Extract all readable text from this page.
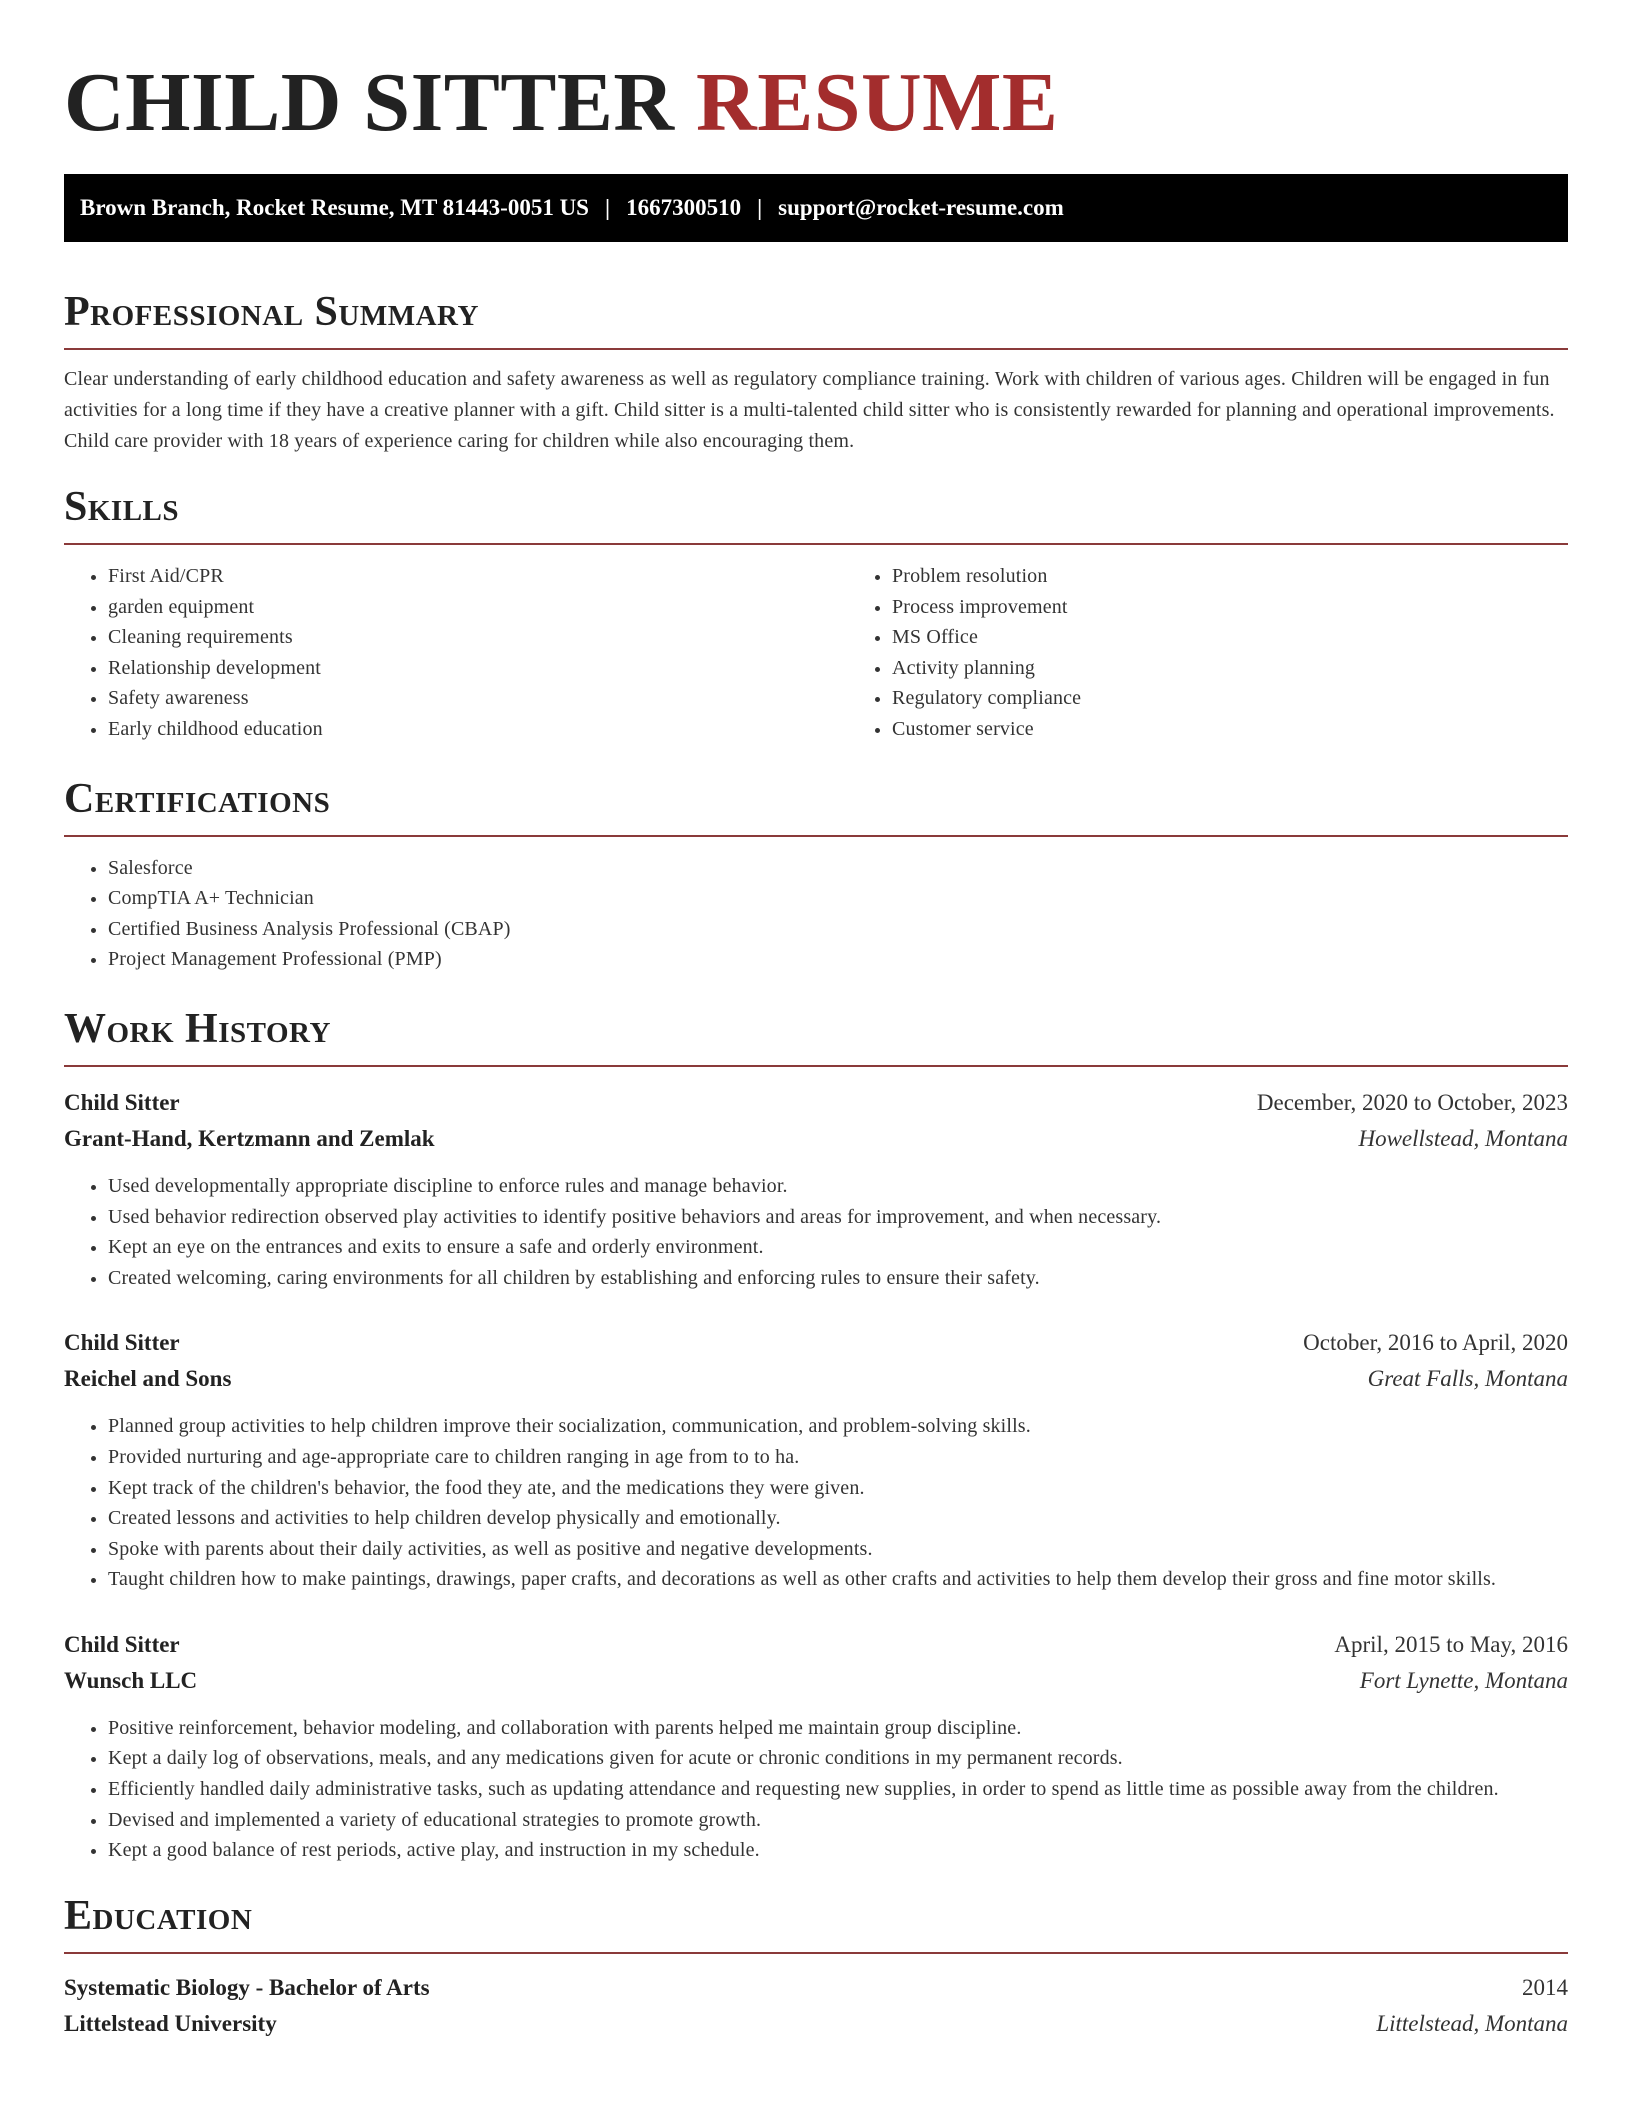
CHILD SITTER RESUME
Brown Branch, Rocket Resume, MT 81443-0051 US | 1667300510 | support@rocket-resume.com
Professional Summary

Clear understanding of early childhood education and safety awareness as well as regulatory compliance training. Work with children of various ages. Children will be engaged in fun activities for a long time if they have a creative planner with a gift. Child sitter is a multi-talented child sitter who is consistently rewarded for planning and operational improvements. Child care provider with 18 years of experience caring for children while also encouraging them.

Skills
• First Aid/CPR
• garden equipment
• Cleaning requirements
• Relationship development
• Safety awareness
• Early childhood education
• Problem resolution
• Process improvement
• MS Office
• Activity planning
• Regulatory compliance
• Customer service
Certifications
• Salesforce
• CompTIA A+ Technician
• Certified Business Analysis Professional (CBAP)
• Project Management Professional (PMP)
Work History
Child Sitter	December, 2020 to October, 2023
Grant-Hand, Kertzmann and Zemlak	Howellstead, Montana
• Used developmentally appropriate discipline to enforce rules and manage behavior.
• Used behavior redirection observed play activities to identify positive behaviors and areas for improvement, and when necessary.
• Kept an eye on the entrances and exits to ensure a safe and orderly environment.
• Created welcoming, caring environments for all children by establishing and enforcing rules to ensure their safety.
Child Sitter	October, 2016 to April, 2020
Reichel and Sons	Great Falls, Montana
• Planned group activities to help children improve their socialization, communication, and problem-solving skills.
• Provided nurturing and age-appropriate care to children ranging in age from to to ha.
• Kept track of the children's behavior, the food they ate, and the medications they were given.
• Created lessons and activities to help children develop physically and emotionally.
• Spoke with parents about their daily activities, as well as positive and negative developments.
• Taught children how to make paintings, drawings, paper crafts, and decorations as well as other crafts and activities to help them develop their gross and fine motor skills.
Child Sitter	April, 2015 to May, 2016
Wunsch LLC	Fort Lynette, Montana
• Positive reinforcement, behavior modeling, and collaboration with parents helped me maintain group discipline.
• Kept a daily log of observations, meals, and any medications given for acute or chronic conditions in my permanent records.
• Efficiently handled daily administrative tasks, such as updating attendance and requesting new supplies, in order to spend as little time as possible away from the children.
• Devised and implemented a variety of educational strategies to promote growth.
• Kept a good balance of rest periods, active play, and instruction in my schedule.
Education
Systematic Biology - Bachelor of Arts	2014
Littelstead University	Littelstead, Montana
